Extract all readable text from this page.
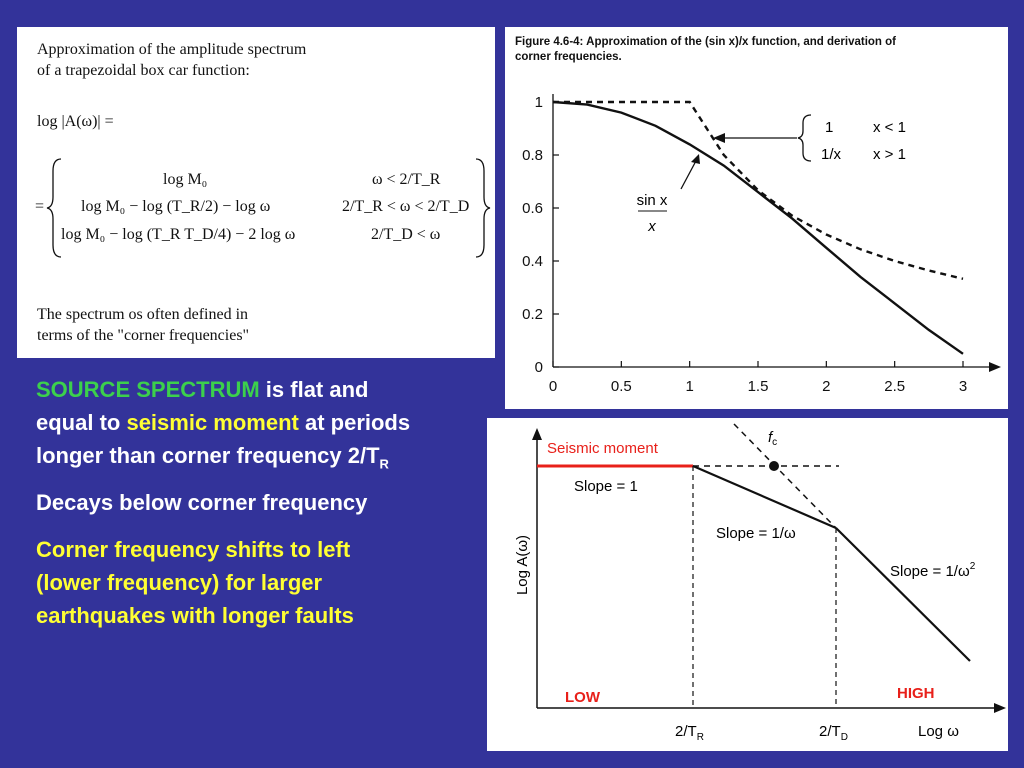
Approximation of the amplitude spectrum
of a trapezoidal box car function:
log |A(ω)| =
=
log M₀	ω < 2/T_R
log M₀ − log (T_R/2) − log ω	2/T_R < ω < 2/T_D
log M₀ − log (T_R T_D/4) − 2 log ω	2/T_D < ω
The spectrum os often defined in
terms of the "corner frequencies"
Figure 4.6-4: Approximation of the (sin x)/x function, and derivation of
corner frequencies.
0	0.5	1	1.5	2	2.5	3
0
0.2
0.4
0.6
0.8
1
sin x
x
1	x < 1
1/x x > 1

SOURCE SPECTRUM is flat and equal to seismic moment at periods longer than corner frequency $2/T_R$

Decays below corner frequency

Corner frequency shifts to left (lower frequency) for larger earthquakes with longer faults

Log A(ω)
Seismic moment
$f_c$
Slope = 1
Slope = 1/ω
Slope = $1/\omega^2$
LOW	HIGH
$2/T_R$	$2/T_D$	Log ω
